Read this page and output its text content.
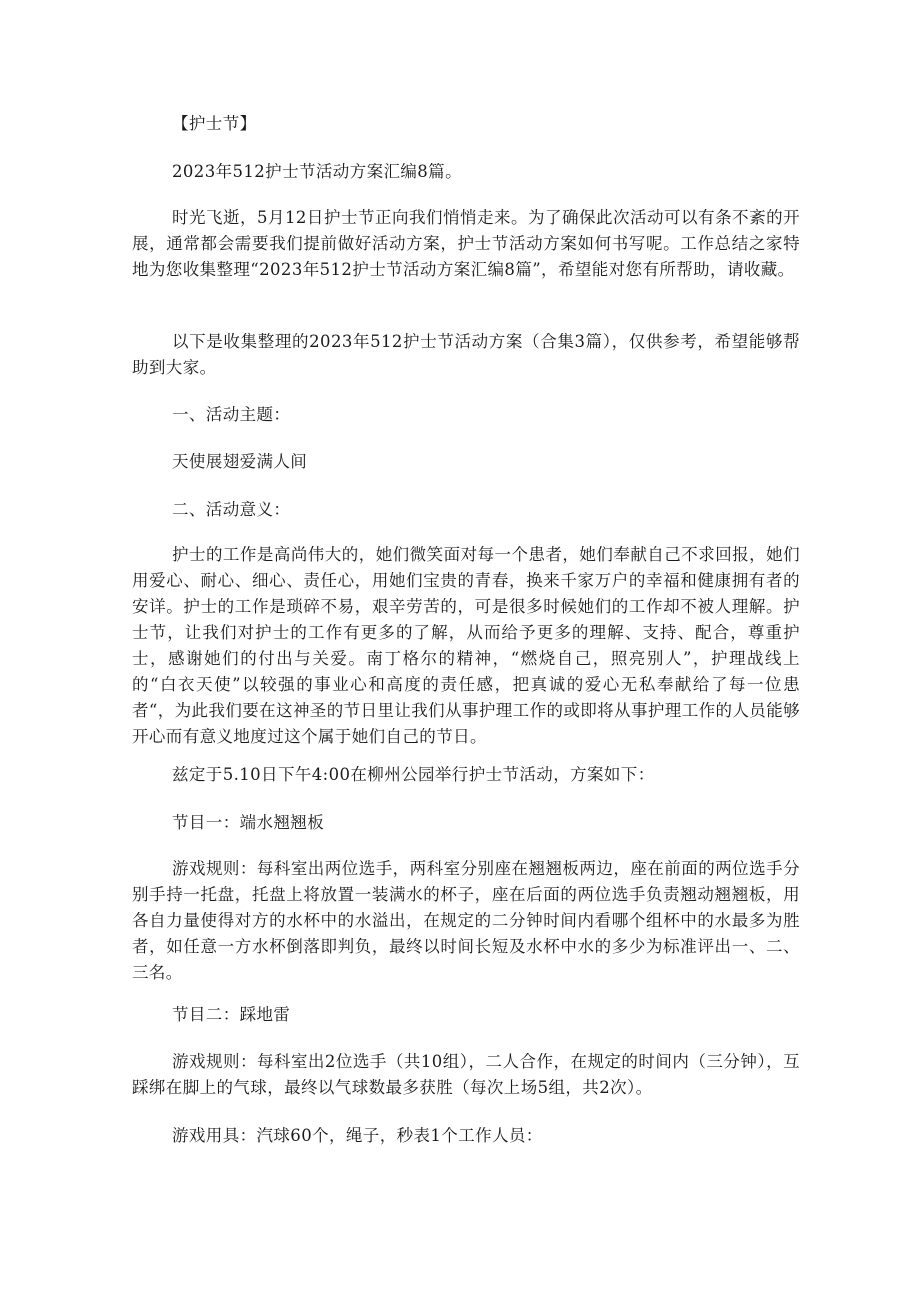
【护士节】

2023年512护士节活动方案汇编8篇。

时光飞逝，5月12日护士节正向我们悄悄走来。为了确保此次活动可以有条不紊的开展，通常都会需要我们提前做好活动方案，护士节活动方案如何书写呢。工作总结之家特地为您收集整理“2023年512护士节活动方案汇编8篇”，希望能对您有所帮助，请收藏。

以下是收集整理的2023年512护士节活动方案（合集3篇），仅供参考，希望能够帮助到大家。

一、活动主题：

天使展翅爱满人间

二、活动意义：

护士的工作是高尚伟大的，她们微笑面对每一个患者，她们奉献自己不求回报，她们用爱心、耐心、细心、责任心，用她们宝贵的青春，换来千家万户的幸福和健康拥有者的安详。护士的工作是琐碎不易，艰辛劳苦的，可是很多时候她们的工作却不被人理解。护士节，让我们对护士的工作有更多的了解，从而给予更多的理解、支持、配合，尊重护士，感谢她们的付出与关爱。南丁格尔的精神，“燃烧自己，照亮别人”，护理战线上的“白衣天使”以较强的事业心和高度的责任感，把真诚的爱心无私奉献给了每一位患者“，为此我们要在这神圣的节日里让我们从事护理工作的或即将从事护理工作的人员能够开心而有意义地度过这个属于她们自己的节日。

兹定于5.10日下午4:00在柳州公园举行护士节活动，方案如下：

节目一：端水翘翘板

游戏规则：每科室出两位选手，两科室分别座在翘翘板两边，座在前面的两位选手分别手持一托盘，托盘上将放置一装满水的杯子，座在后面的两位选手负责翘动翘翘板，用各自力量使得对方的水杯中的水溢出，在规定的二分钟时间内看哪个组杯中的水最多为胜者，如任意一方水杯倒落即判负，最终以时间长短及水杯中水的多少为标准评出一、二、三名。

节目二：踩地雷

游戏规则：每科室出2位选手（共10组），二人合作，在规定的时间内（三分钟），互踩绑在脚上的气球，最终以气球数最多获胜（每次上场5组，共2次）。

游戏用具：汽球60个，绳子，秒表1个工作人员：
